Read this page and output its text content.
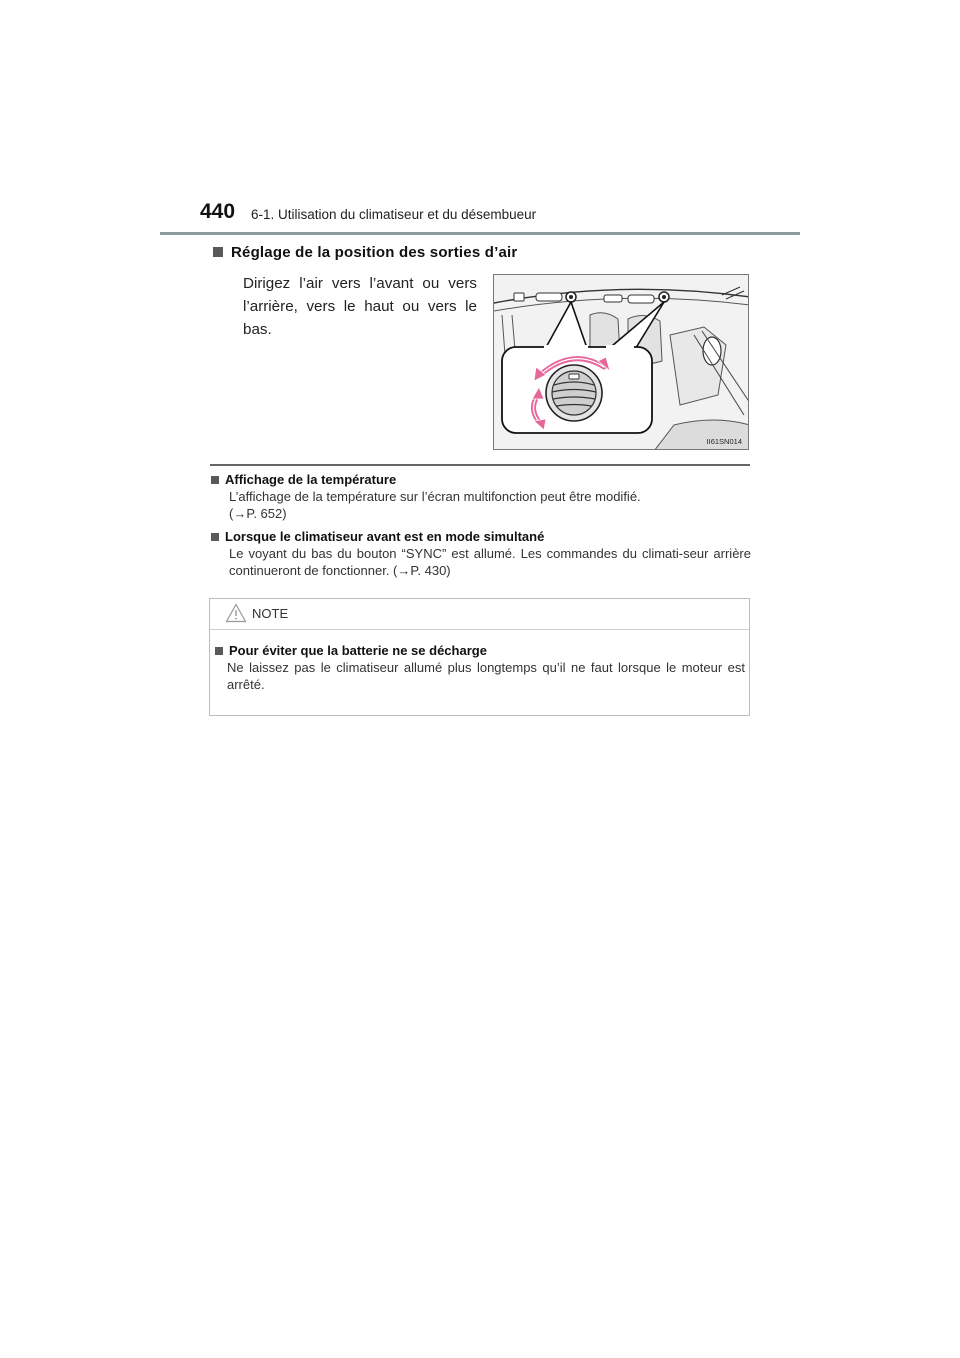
440 6-1. Utilisation du climatiseur et du désembueur
Réglage de la position des sorties d’air
Dirigez l’air vers l’avant ou vers l’arrière, vers le haut ou vers le bas.
II61SN014
Affichage de la température
L’affichage de la température sur l’écran multifonction peut être modifié.
(→P. 652)
Lorsque le climatiseur avant est en mode simultané
Le voyant du bas du bouton “SYNC” est allumé. Les commandes du climati-seur arrière continueront de fonctionner. (→P. 430)
NOTE
Pour éviter que la batterie ne se décharge
Ne laissez pas le climatiseur allumé plus longtemps qu’il ne faut lorsque le moteur est arrêté.
